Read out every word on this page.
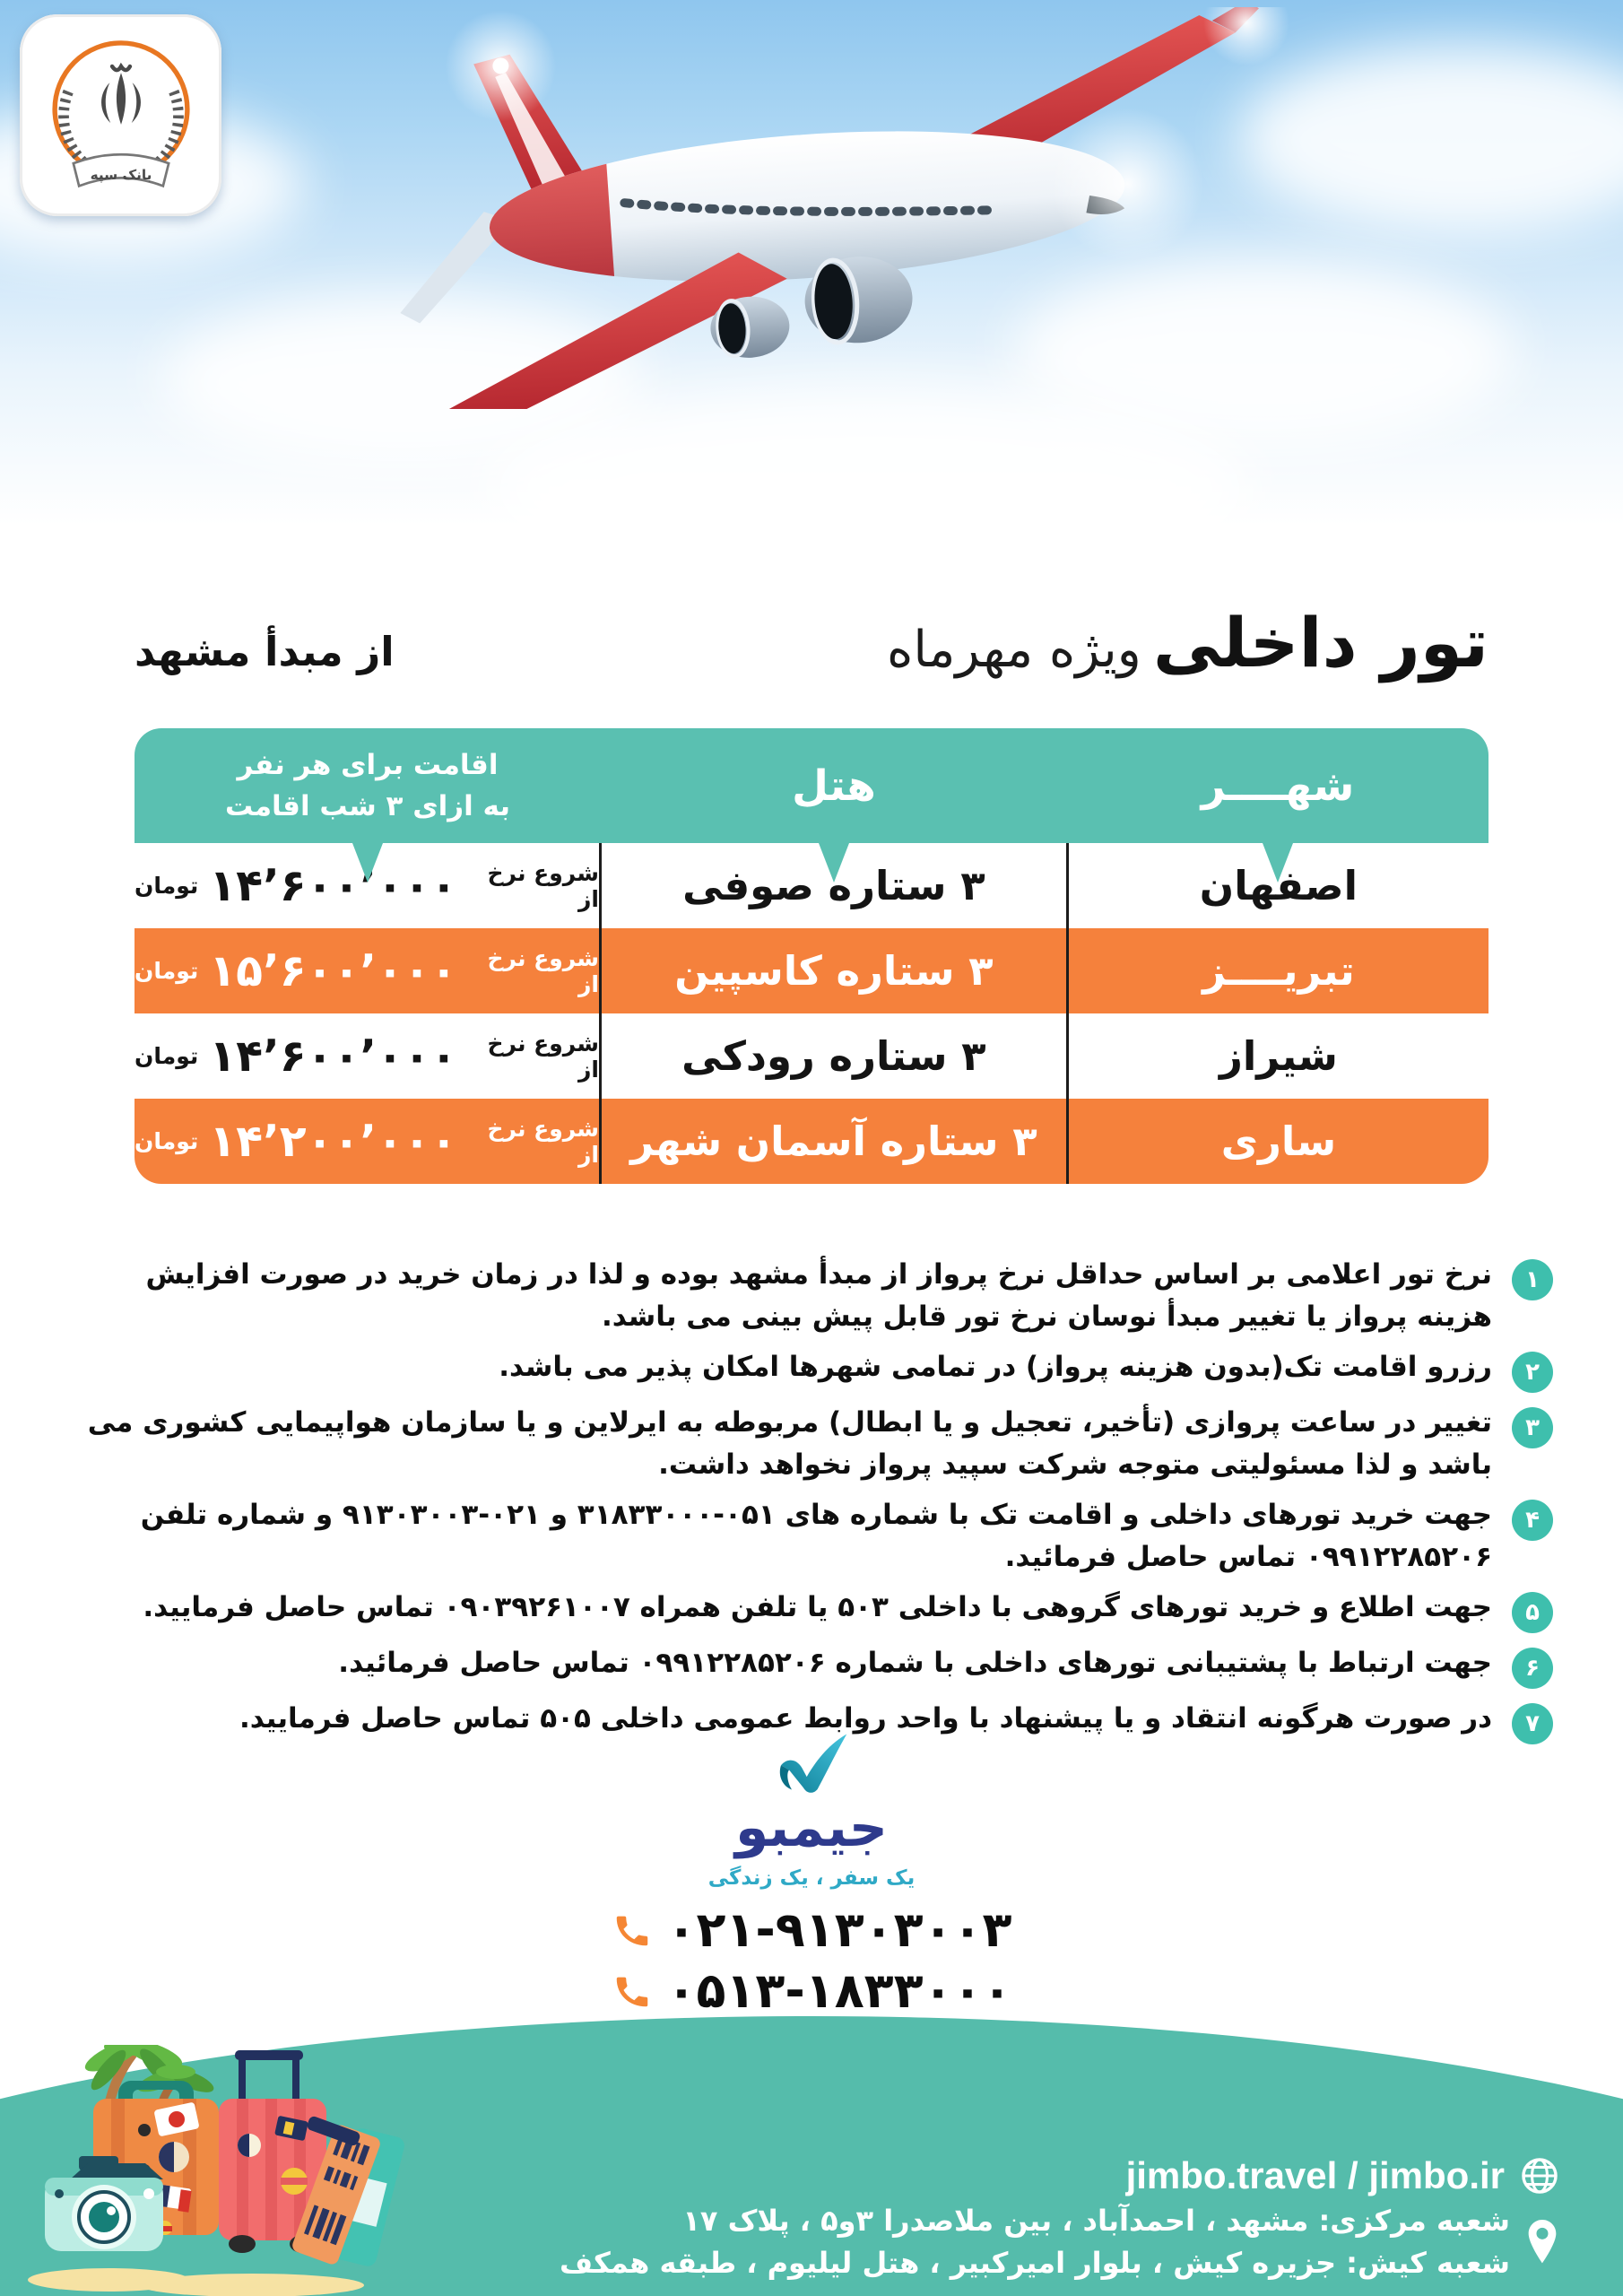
بانک سپه
تور داخلی ویژه مهرماه
از مبدأ مشهد
شهــــر
هتل
اقامت برای هر نفر
به ازای ۳ شب اقامت
اصفهان
۳ ستاره صوفی
شروع نرخ از
۱۴٬۶۰۰٬۰۰۰
تومان
تبریــــز
۳ ستاره کاسپین
شروع نرخ از
۱۵٬۶۰۰٬۰۰۰
تومان
شیراز
۳ ستاره رودکی
شروع نرخ از
۱۴٬۶۰۰٬۰۰۰
تومان
ساری
۳ ستاره آسمان شهر
شروع نرخ از
۱۴٬۲۰۰٬۰۰۰
تومان
۱

نرخ تور اعلامی بر اساس حداقل نرخ پرواز از مبدأ مشهد بوده و لذا در زمان خرید در صورت افزایش هزینه پرواز یا تغییر مبدأ نوسان نرخ تور قابل پیش بینی می باشد.

۲

رزرو اقامت تک(بدون هزینه پرواز) در تمامی شهرها امکان پذیر می باشد.

۳

تغییر در ساعت پروازی (تأخیر، تعجیل و یا ابطال) مربوطه به ایرلاین و یا سازمان هواپیمایی کشوری می باشد و لذا مسئولیتی متوجه شرکت سپید پرواز نخواهد داشت.

۴

جهت خرید تورهای داخلی و اقامت تک با شماره های ۰۵۱-۳۱۸۳۳۰۰۰ و ۰۲۱-۹۱۳۰۳۰۰۳ و شماره تلفن ۰۹۹۱۲۲۸۵۲۰۶ تماس حاصل فرمائید.

۵

جهت اطلاع و خرید تورهای گروهی با داخلی ۵۰۳ یا تلفن همراه ۰۹۰۳۹۲۶۱۰۰۷ تماس حاصل فرمایید.

۶

جهت ارتباط با پشتیبانی تورهای داخلی با شماره ۰۹۹۱۲۲۸۵۲۰۶ تماس حاصل فرمائید.

۷

در صورت هرگونه انتقاد و یا پیشنهاد با واحد روابط عمومی داخلی ۵۰۵ تماس حاصل فرمایید.

جیمبو
یک سفر ، یک زندگی
۰۲۱-۹۱۳۰۳۰۰۳
۰۵۱۳-۱۸۳۳۰۰۰
jimbo.travel / jimbo.ir
شعبه مرکزی: مشهد ، احمدآباد ، بین ملاصدرا ۳و۵ ، پلاک ۱۷
شعبه کیش: جزیره کیش ، بلوار امیرکبیر ، هتل لیلیوم ، طبقه همکف
